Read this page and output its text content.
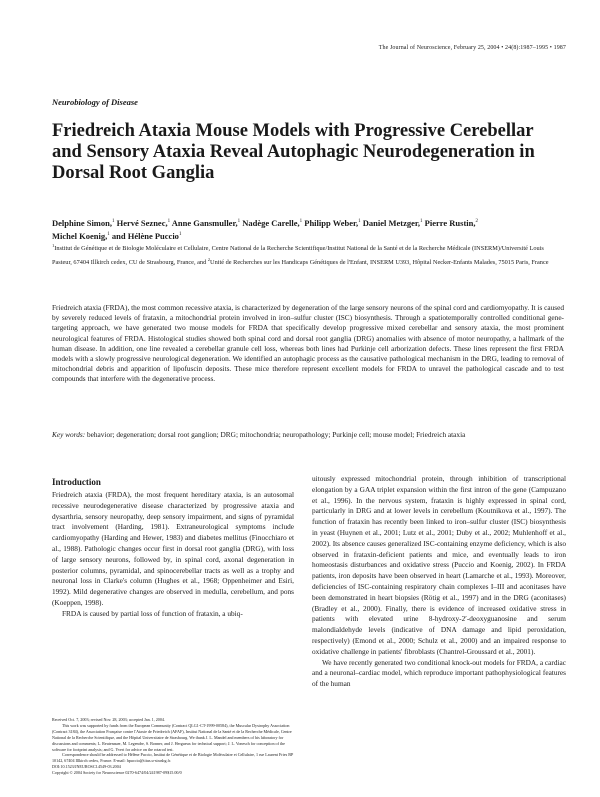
The Journal of Neuroscience, February 25, 2004 • 24(8):1987–1995 • 1987
Neurobiology of Disease
Friedreich Ataxia Mouse Models with Progressive Cerebellar
and Sensory Ataxia Reveal Autophagic Neurodegeneration in
Dorsal Root Ganglia
Delphine Simon,$^1$ Hervé Seznec,$^1$ Anne Gansmuller,$^1$ Nadège Carelle,$^1$ Philipp Weber,$^1$ Daniel Metzger,$^1$ Pierre Rustin,$^2$
Michel Koenig,$^1$ and Hélène Puccio$^1$
$^1$Institut de Génétique et de Biologie Moléculaire et Cellulaire, Centre National de la Recherche Scientifique/Institut National de la Santé et de la Recherche Médicale (INSERM)/Université Louis Pasteur, 67404 Illkirch cedex, CU de Strasbourg, France, and $^2$Unité de Recherches sur les Handicaps Génétiques de l'Enfant, INSERM U393, Hôpital Necker-Enfants Malades, 75015 Paris, France
Friedreich ataxia (FRDA), the most common recessive ataxia, is characterized by degeneration of the large sensory neurons of the spinal cord and cardiomyopathy. It is caused by severely reduced levels of frataxin, a mitochondrial protein involved in iron–sulfur cluster (ISC) biosynthesis. Through a spatiotemporally controlled conditional gene-targeting approach, we have generated two mouse models for FRDA that specifically develop progressive mixed cerebellar and sensory ataxia, the most prominent neurological features of FRDA. Histological studies showed both spinal cord and dorsal root ganglia (DRG) anomalies with absence of motor neuropathy, a hallmark of the human disease. In addition, one line revealed a cerebellar granule cell loss, whereas both lines had Purkinje cell arborization defects. These lines represent the first FRDA models with a slowly progressive neurological degeneration. We identified an autophagic process as the causative pathological mechanism in the DRG, leading to removal of mitochondrial debris and apparition of lipofuscin deposits. These mice therefore represent excellent models for FRDA to unravel the pathological cascade and to test compounds that interfere with the degenerative process.
Key words: behavior; degeneration; dorsal root ganglion; DRG; mitochondria; neuropathology; Purkinje cell; mouse model; Friedreich ataxia
Introduction

Friedreich ataxia (FRDA), the most frequent hereditary ataxia, is an autosomal recessive neurodegenerative disease characterized by progressive ataxia and dysarthria, sensory neuropathy, deep sensory impairment, and signs of pyramidal tract involvement (Harding, 1981). Extraneurological symptoms include cardiomyopathy (Harding and Hewer, 1983) and diabetes mellitus (Finocchiaro et al., 1988). Pathologic changes occur first in dorsal root ganglia (DRG), with loss of large sensory neurons, followed by, in spinal cord, axonal degeneration in posterior columns, pyramidal, and spinocerebellar tracts as well as a trophy and neuronal loss in Clarke's column (Hughes et al., 1968; Oppenheimer and Esiri, 1992). Mild degenerative changes are observed in medulla, cerebellum, and pons (Koeppen, 1998).

FRDA is caused by partial loss of function of frataxin, a ubiq-

uitously expressed mitochondrial protein, through inhibition of transcriptional elongation by a GAA triplet expansion within the first intron of the gene (Campuzano et al., 1996). In the nervous system, frataxin is highly expressed in spinal cord, particularly in DRG and at lower levels in cerebellum (Koutnikova et al., 1997). The function of frataxin has recently been linked to iron–sulfur cluster (ISC) biosynthesis in yeast (Huynen et al., 2001; Lutz et al., 2001; Duby et al., 2002; Muhlenhoff et al., 2002). Its absence causes generalized ISC-containing enzyme deficiency, which is also observed in frataxin-deficient patients and mice, and eventually leads to iron homeostasis disturbances and oxidative stress (Puccio and Koenig, 2002). In FRDA patients, iron deposits have been observed in heart (Lamarche et al., 1993). Moreover, deficiencies of ISC-containing respiratory chain complexes I–III and aconitases have been demonstrated in heart biopsies (Rötig et al., 1997) and in the DRG (aconitases) (Bradley et al., 2000). Finally, there is evidence of increased oxidative stress in patients with elevated urine 8-hydroxy-2′-deoxyguanosine and serum malondialdehyde levels (indicative of DNA damage and lipid peroxidation, respectively) (Emond et al., 2000; Schulz et al., 2000) and an impaired response to oxidative challenge in patients' fibroblasts (Chantrel-Groussard et al., 2001).

We have recently generated two conditional knock-out models for FRDA, a cardiac and a neuronal–cardiac model, which reproduce important pathophysiological features of the human

Received Oct. 7, 2003; revised Nov. 28, 2003; accepted Jan. 1, 2004.

This work was supported by funds from the European Community (Contract QLG1-CT-1999-00584), the Muscular Dystrophy Association (Contract 3184), the Association Française contre l'Ataxie de Friedreich (AFAF), Institut National de la Santé et de la Recherche Médicale, Centre National de la Recherche Scientifique, and the Hôpital Universitaire de Strasbourg. We thank J. L. Mandel and members of his laboratory for discussions and comments; L. Reutenauer, M. Legendre, S. Bonner, and J. Hergueux for technical support; J. L. Vonesch for conception of the software for footprint analysis; and G. Yvert for advice on the rotarod test.

Correspondence should be addressed to Hélène Puccio, Institut de Génétique et de Biologie Moléculaire et Cellulaire, 1 rue Laurent Fries BP 10142, 67404 Illkirch cedex, France. E-mail: hpuccio@titus.u-strasbg.fr.

DOI:10.1523/JNEUROSCI.4549-03.2004

Copyright © 2004 Society for Neuroscience 0270-6474/04/241987-09$15.00/0
